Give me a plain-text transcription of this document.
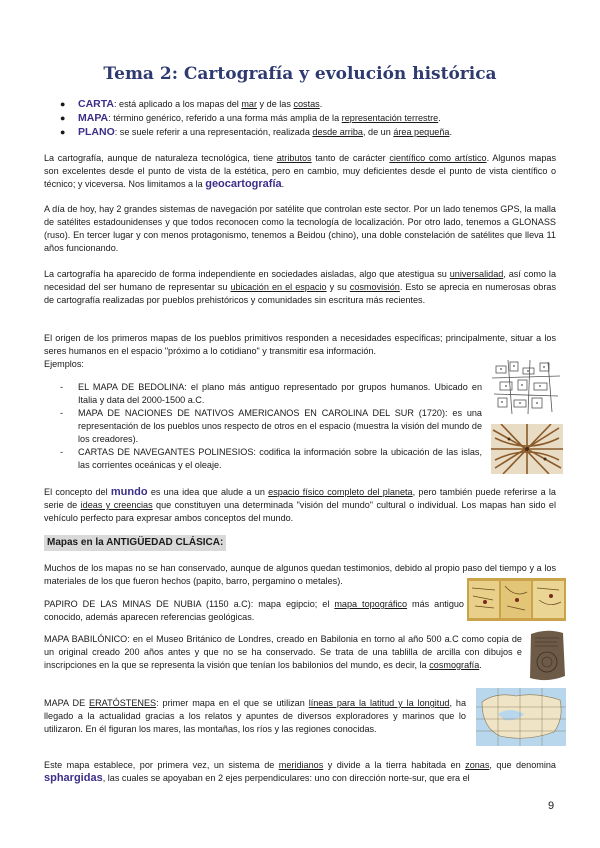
Tema 2: Cartografía y evolución histórica
● CARTA: está aplicado a los mapas del mar y de las costas.
● MAPA: término genérico, referido a una forma más amplia de la representación terrestre.
● PLANO: se suele referir a una representación, realizada desde arriba, de un área pequeña.
La cartografía, aunque de naturaleza tecnológica, tiene atributos tanto de carácter científico como artístico. Algunos mapas son excelentes desde el punto de vista de la estética, pero en cambio, muy deficientes desde el punto de vista científico o técnico; y viceversa. Nos limitamos a la geocartografía.
A día de hoy, hay 2 grandes sistemas de navegación por satélite que controlan este sector. Por un lado tenemos GPS, la malla de satélites estadounidenses y que todos reconocen como la tecnología de localización. Por otro lado, tenemos a GLONASS (ruso). En tercer lugar y con menos protagonismo, tenemos a Beidou (chino), una doble constelación de satélites que lleva 11 años funcionando.
La cartografía ha aparecido de forma independiente en sociedades aisladas, algo que atestigua su universalidad, así como la necesidad del ser humano de representar su ubicación en el espacio y su cosmovisión. Esto se aprecia en numerosas obras de cartografía realizadas por pueblos prehistóricos y comunidades sin escritura más recientes.
El origen de los primeros mapas de los pueblos primitivos responden a necesidades específicas; principalmente, situar a los seres humanos en el espacio "próximo a lo cotidiano" y transmitir esa información.
Ejemplos:
- EL MAPA DE BEDOLINA: el plano más antiguo representado por grupos humanos. Ubicado en Italia y data del 2000-1500 a.C.
- MAPA DE NACIONES DE NATIVOS AMERICANOS EN CAROLINA DEL SUR (1720): es una representación de los pueblos unos respecto de otros en el espacio (muestra la visión del mundo de los creadores).
- CARTAS DE NAVEGANTES POLINESIOS: codifica la información sobre la ubicación de las islas, las corrientes oceánicas y el oleaje.
El concepto del mundo es una idea que alude a un espacio físico completo del planeta, pero también puede referirse a la serie de ideas y creencias que constituyen una determinada "visión del mundo" cultural o individual. Los mapas han sido el vehículo perfecto para expresar ambos conceptos del mundo.
Mapas en la ANTIGÜEDAD CLÁSICA:
Muchos de los mapas no se han conservado, aunque de algunos quedan testimonios, debido al propio paso del tiempo y a los materiales de los que fueron hechos (papito, barro, pergamino o metales).
PAPIRO DE LAS MINAS DE NUBIA (1150 a.C): mapa egipcio; el mapa topográfico más antiguo conocido, además aparecen referencias geológicas.
MAPA BABILÓNICO: en el Museo Británico de Londres, creado en Babilonia en torno al año 500 a.C como copia de un original creado 200 años antes y que no se ha conservado. Se trata de una tablilla de arcilla con dibujos e inscripciones en la que se representa la visión que tenían los babilonios del mundo, es decir, la cosmografía.
MAPA DE ERATÓSTENES: primer mapa en el que se utilizan líneas para la latitud y la longitud, ha llegado a la actualidad gracias a los relatos y apuntes de diversos exploradores y marinos que lo utilizaron. En él figuran los mares, las montañas, los ríos y las regiones conocidas.
Este mapa establece, por primera vez, un sistema de meridianos y divide a la tierra habitada en zonas, que denomina sphargidas, las cuales se apoyaban en 2 ejes perpendiculares: uno con dirección norte-sur, que era el
9
